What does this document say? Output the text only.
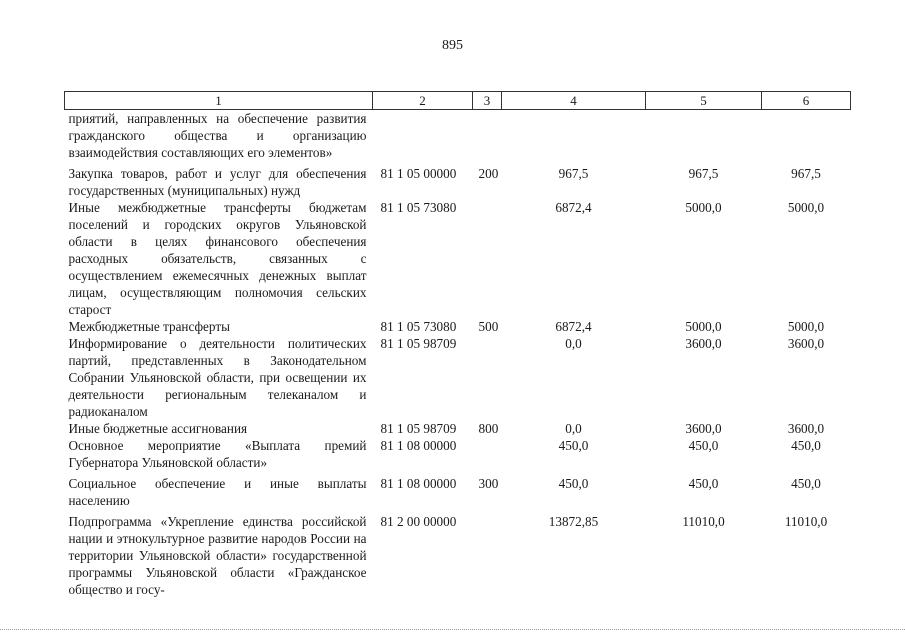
895
1	2	3	4	5	6
приятий, направленных на обеспечение развития гражданского общества и организацию взаимодействия составляющих его элементов»					
Закупка товаров, работ и услуг для обеспечения государственных (муниципальных) нужд	81 1 05 00000	200	967,5	967,5	967,5
Иные межбюджетные трансферты бюджетам поселений и городских округов Ульяновской области в целях финансового обеспечения расходных обязательств, связанных с осуществлением ежемесячных денежных выплат лицам, осуществляющим полномочия сельских старост	81 1 05 73080		6872,4	5000,0	5000,0
Межбюджетные трансферты	81 1 05 73080	500	6872,4	5000,0	5000,0
Информирование о деятельности политических партий, представленных в Законодательном Собрании Ульяновской области, при освещении их деятельности региональным телеканалом и радиоканалом	81 1 05 98709		0,0	3600,0	3600,0
Иные бюджетные ассигнования	81 1 05 98709	800	0,0	3600,0	3600,0
Основное мероприятие «Выплата премий Губернатора Ульяновской области»	81 1 08 00000		450,0	450,0	450,0
Социальное обеспечение и иные выплаты населению	81 1 08 00000	300	450,0	450,0	450,0
Подпрограмма «Укрепление единства российской нации и этнокультурное развитие народов России на территории Ульяновской области» государственной программы Ульяновской области «Гражданское общество и госу-	81 2 00 00000		13872,85	11010,0	11010,0
